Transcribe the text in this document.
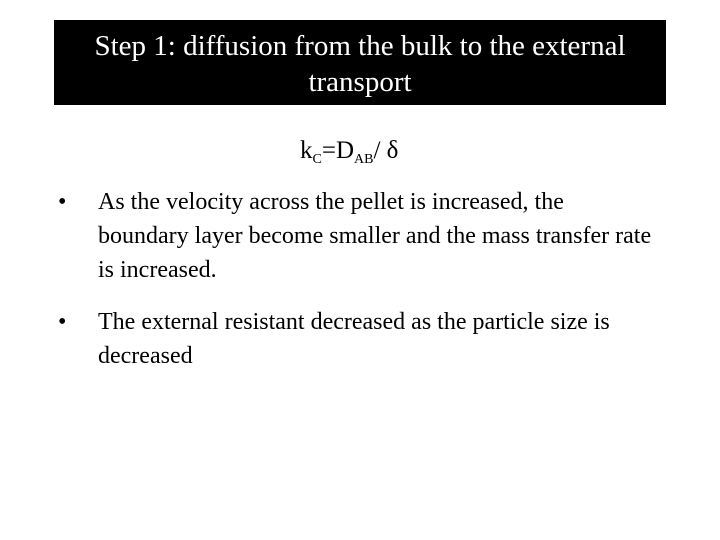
Step 1: diffusion from the bulk to the external
transport
$k_C=D_{AB}/$ δ
• As the velocity across the pellet is increased, the boundary layer become smaller and the mass transfer rate is increased.
• The external resistant decreased as the particle size is decreased
